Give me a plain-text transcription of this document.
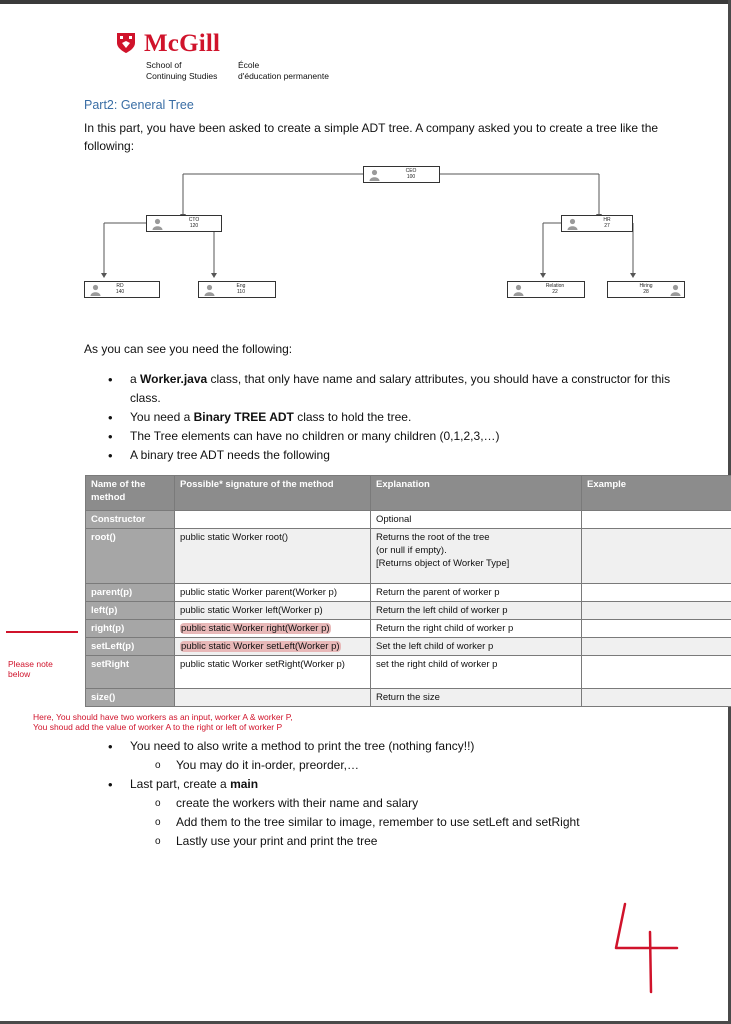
McGill
School of
Continuing Studies
École
d'éducation permanente
Part2: General Tree
In this part, you have been asked to create a simple ADT tree. A company asked you to create a tree like the following:
CEO
100
CTO
120
HR
27
RD
140
Eng
110
Relation
22
Hiring
28
As you can see you need the following:
• a Worker.java class, that only have name and salary attributes, you should have a constructor for this class.
• You need a Binary TREE ADT class to hold the tree.
• The Tree elements can have no children or many children (0,1,2,3,…)
• A binary tree ADT needs the following
Name of the method	Possible* signature of the method	Explanation	Example
Constructor		Optional	
root()	public static Worker root()	Returns the root of the tree
(or null if empty).
[Returns object of Worker Type]	

parent(p)	public static Worker parent(Worker p)	Return the parent of worker p	
left(p)	public static Worker left(Worker p)	Return the left child of worker p	
right(p)	public static Worker right(Worker p)	Return the right child of worker p	
setLeft(p)	public static Worker setLeft(Worker p)	Set the left child of worker p	
setRight	public static Worker setRight(Worker p)	set the right child of worker p	
size()		Return the size	
Please note below
Here, You should have two workers as an input, worker A & worker P,
You shoud add the value of worker A to the right or left of worker P
• You need to also write a method to print the tree (nothing fancy!!)
o You may do it in-order, preorder,…
• Last part, create a main
o create the workers with their name and salary
o Add them to the tree similar to image, remember to use setLeft and setRight
o Lastly use your print and print the tree
